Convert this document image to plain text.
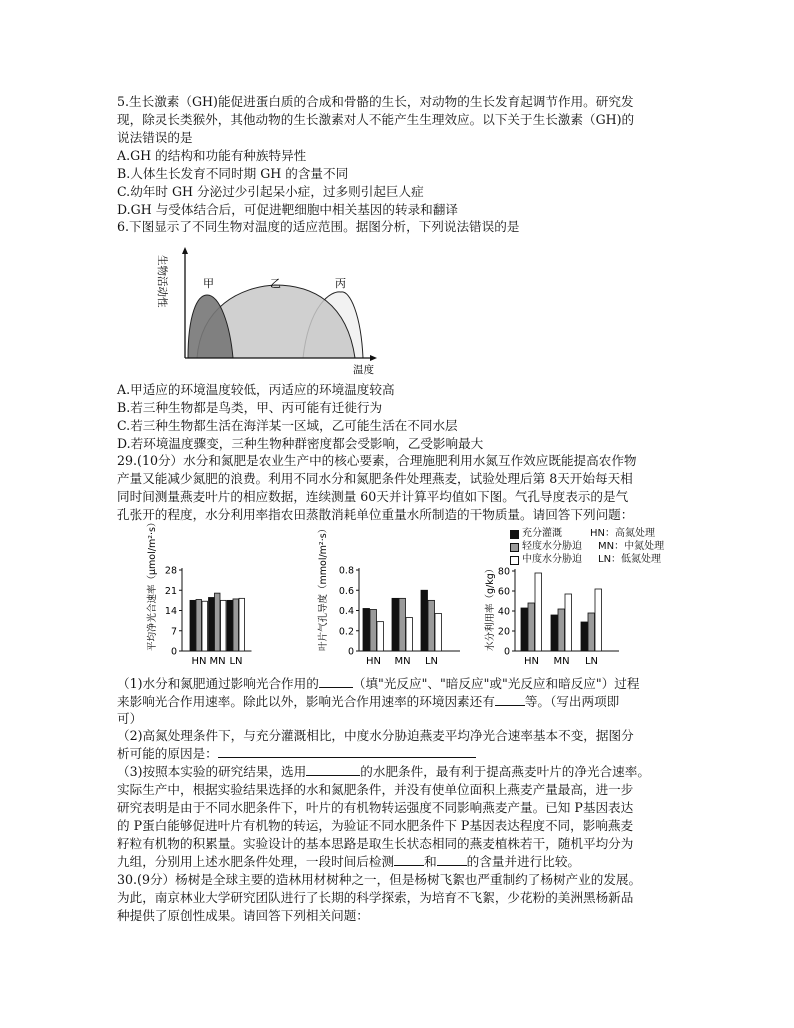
5.生长激素（GH)能促进蛋白质的合成和骨骼的生长，对动物的生长发育起调节作用。研究发
现，除灵长类猴外，其他动物的生长激素对人不能产生生理效应。以下关于生长激素（GH)的
说法错误的是
A.GH 的结构和功能有种族特异性
B.人体生长发育不同时期 GH 的含量不同
C.幼年时 GH 分泌过少引起呆小症，过多则引起巨人症
D.GH 与受体结合后，可促进靶细胞中相关基因的转录和翻译
6.下图显示了不同生物对温度的适应范围。据图分析，下列说法错误的是
生物活动性
温度
甲	乙	丙
A.甲适应的环境温度较低，丙适应的环境温度较高
B.若三种生物都是鸟类，甲、丙可能有迁徙行为
C.若三种生物都生活在海洋某一区域，乙可能生活在不同水层
D.若环境温度骤变，三种生物种群密度都会受影响，乙受影响最大
29.(10分）水分和氮肥是农业生产中的核心要素，合理施肥利用水氮互作效应既能提高农作物
产量又能减少氮肥的浪费。利用不同水分和氮肥条件处理燕麦，试验处理后第 8天开始每天相
同时间测量燕麦叶片的相应数据，连续测量 60天并计算平均值如下图。气孔导度表示的是气
孔张开的程度，水分利用率指农田蒸散消耗单位重量水所制造的干物质量。请回答下列问题：
充分灌溉	HN：高氮处理
轻度水分胁迫 MN：中氮处理
中度水分胁迫 LN：低氮处理
0
7
14
21
28
平均净光合速率（μmol/m²·s）
HN MN LN
0
0.2
0.4
0.6
0.8
叶片气孔导度（mmol/m²·s）
HN MN LN
0
20
40
60
80
水分利用率（g/kg）
HN MN LN
（1)水分和氮肥通过影响光合作用的	（填"光反应"、"暗反应"或"光反应和暗反应"）过程
来影响光合作用速率。除此以外，影响光合作用速率的环境因素还有 等。（写出两项即
可）
（2)高氮处理条件下，与充分灌溉相比，中度水分胁迫燕麦平均净光合速率基本不变，据图分
析可能的原因是：
（3)按照本实验的研究结果，选用	的水肥条件，最有利于提高燕麦叶片的净光合速率。
实际生产中，根据实验结果选择的水和氮肥条件，并没有使单位面积上燕麦产量最高，进一步
研究表明是由于不同水肥条件下，叶片的有机物转运强度不同影响燕麦产量。已知 P基因表达
的 P蛋白能够促进叶片有机物的转运，为验证不同水肥条件下 P基因表达程度不同，影响燕麦
籽粒有机物的积累量。实验设计的基本思路是取生长状态相同的燕麦植株若干，随机平均分为
九组，分别用上述水肥条件处理，一段时间后检测 和 的含量并进行比较。
30.(9分）杨树是全球主要的造林用材树种之一，但是杨树飞絮也严重制约了杨树产业的发展。
为此，南京林业大学研究团队进行了长期的科学探索，为培育不飞絮，少花粉的美洲黑杨新品
种提供了原创性成果。请回答下列相关问题：
